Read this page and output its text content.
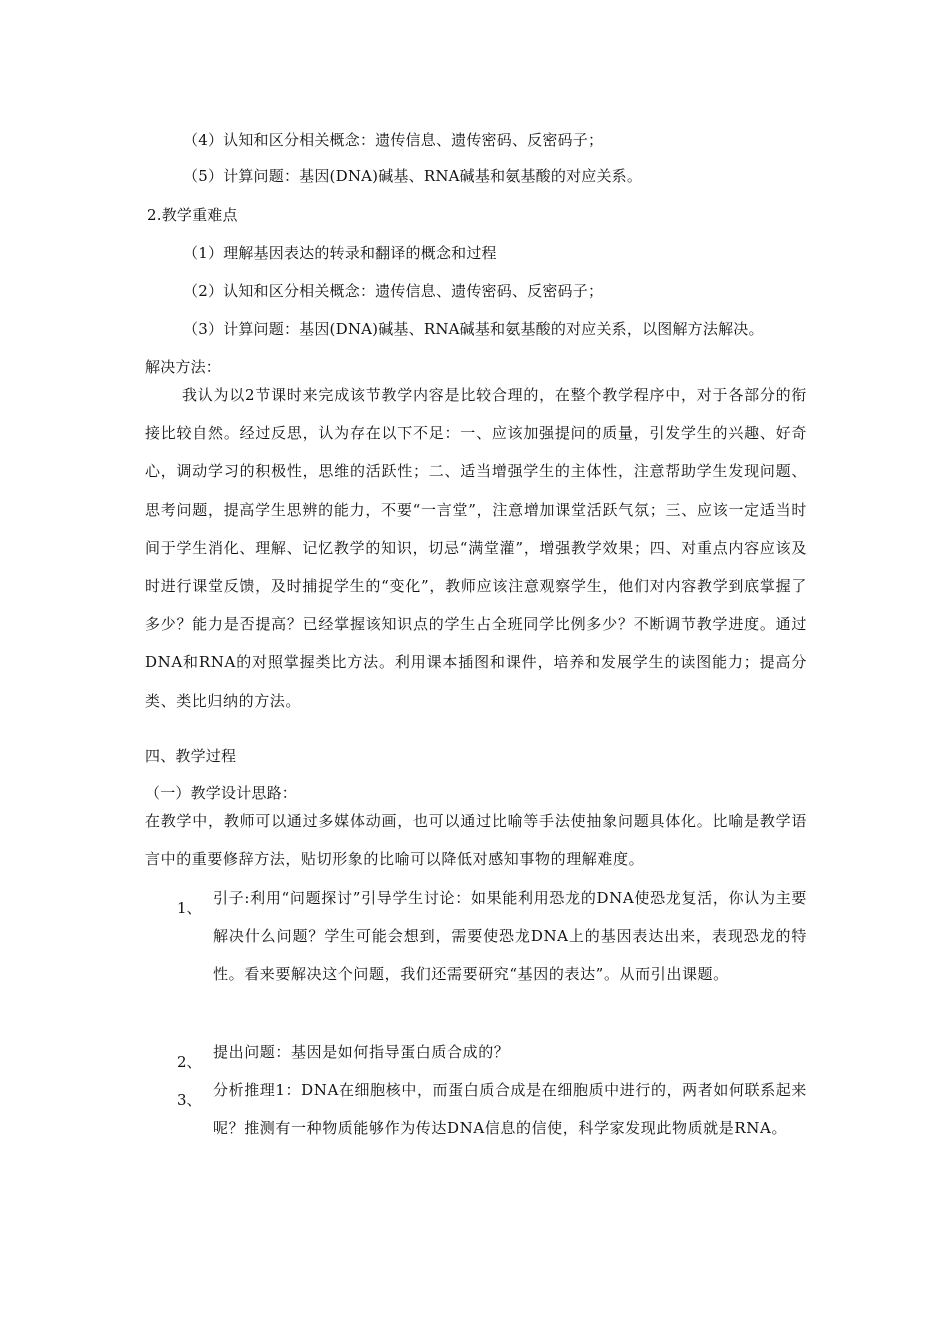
（4）认知和区分相关概念：遗传信息、遗传密码、反密码子；
（5）计算问题：基因(DNA)碱基、RNA碱基和氨基酸的对应关系。
2.教学重难点
（1）理解基因表达的转录和翻译的概念和过程
（2）认知和区分相关概念：遗传信息、遗传密码、反密码子；
（3）计算问题：基因(DNA)碱基、RNA碱基和氨基酸的对应关系，以图解方法解决。
解决方法：
我认为以2节课时来完成该节教学内容是比较合理的，在整个教学程序中，对于各部分的衔接比较自然。经过反思，认为存在以下不足：一、应该加强提问的质量，引发学生的兴趣、好奇心，调动学习的积极性，思维的活跃性；二、适当增强学生的主体性，注意帮助学生发现问题、思考问题，提高学生思辨的能力，不要“一言堂”，注意增加课堂活跃气氛；三、应该一定适当时间于学生消化、理解、记忆教学的知识，切忌“满堂灌”，增强教学效果；四、对重点内容应该及时进行课堂反馈，及时捕捉学生的“变化”，教师应该注意观察学生，他们对内容教学到底掌握了多少？能力是否提高？已经掌握该知识点的学生占全班同学比例多少？不断调节教学进度。通过DNA和RNA的对照掌握类比方法。利用课本插图和课件，培养和发展学生的读图能力；提高分类、类比归纳的方法。
四、教学过程
（一）教学设计思路：
在教学中，教师可以通过多媒体动画，也可以通过比喻等手法使抽象问题具体化。比喻是教学语言中的重要修辞方法，贴切形象的比喻可以降低对感知事物的理解难度。
1、
引子:利用“问题探讨”引导学生讨论：如果能利用恐龙的DNA使恐龙复活，你认为主要解决什么问题？学生可能会想到，需要使恐龙DNA上的基因表达出来，表现恐龙的特性。看来要解决这个问题，我们还需要研究“基因的表达”。从而引出课题。
2、
提出问题：基因是如何指导蛋白质合成的？
3、
分析推理1：DNA在细胞核中，而蛋白质合成是在细胞质中进行的，两者如何联系起来呢？推测有一种物质能够作为传达DNA信息的信使，科学家发现此物质就是RNA。
